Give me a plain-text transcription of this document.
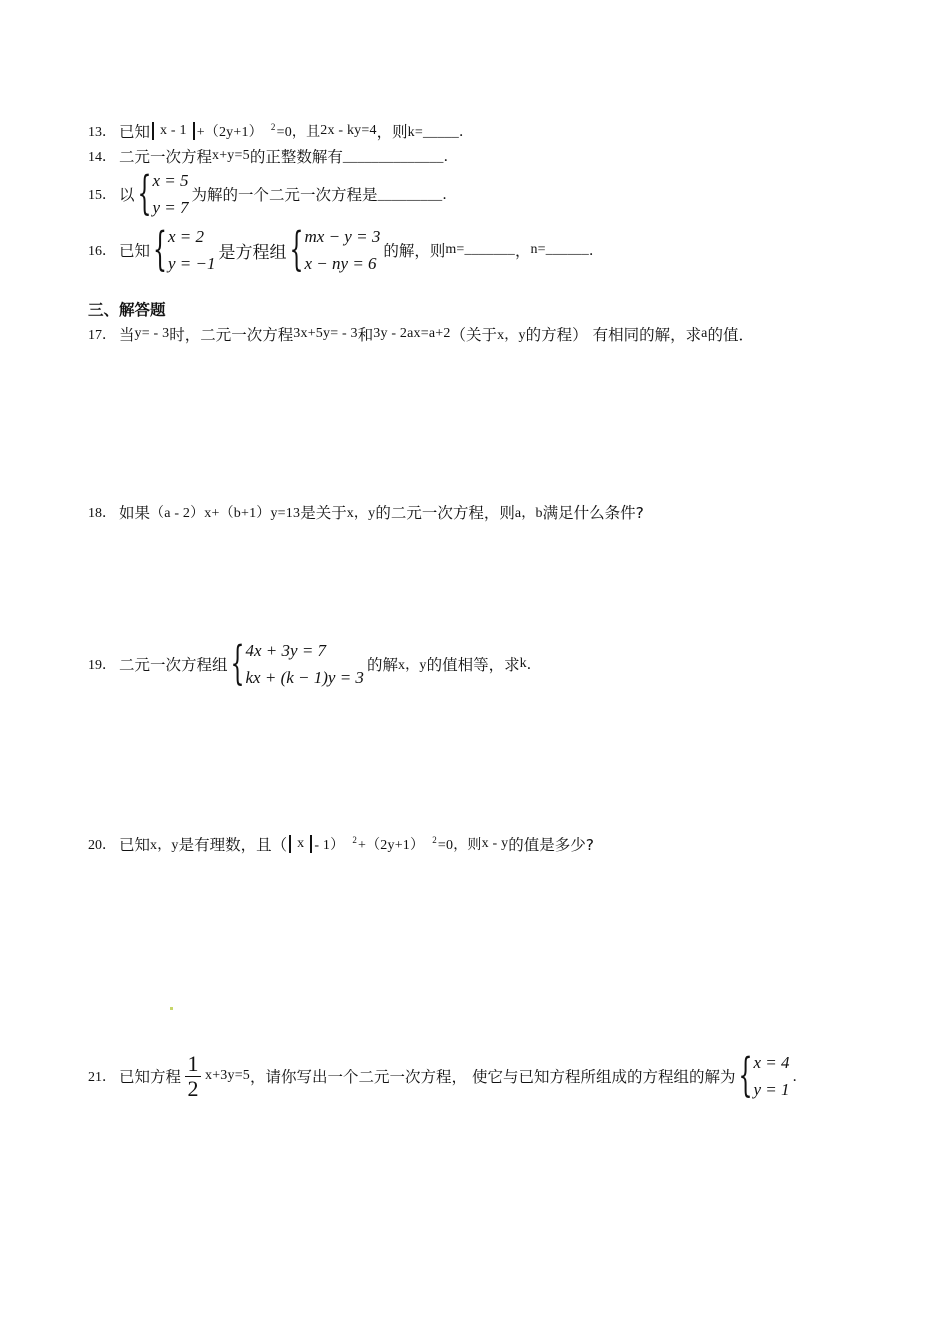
13． 已知 x - 1 +（2y+1） $^2$ =0，且 2x - ky=4 ，则 k=_____．
14． 二元一次方程 x+y=5 的正整数解有 ______________．
15． 以 { x = 5
y = 7
为解的一个二元一次方程是 _________．
16． 已知 { x = 2
y = −1
是方程组 { mx − y = 3
x − ny = 6
的解，则 m=_______ ， n=______ ．
三、解答题
17． 当 y= - 3 时，二元一次方程 3x+5y= - 3 和 3y - 2ax=a+2 （关于 x，y 的方程） 有相同的解，求 a 的值．
18． 如果 （a - 2）x+（b+1）y=13 是关于 x，y 的二元一次方程，则 a，b 满足什么条件?
19． 二元一次方程组 { 4x + 3y = 7
kx + (k − 1)y = 3
的解 x，y 的值相等，求 k ．
20． 已知 x，y 是有理数，且（ x - 1） $^2$ +（2y+1） $^2$ =0，则 x - y 的值是多少?
21． 已知方程 $\frac{1}{2} x+3y=5$ ，请你写出一个二元一次方程， 使它与已知方程所组成的方程组的解为 { x = 4
y = 1
．
